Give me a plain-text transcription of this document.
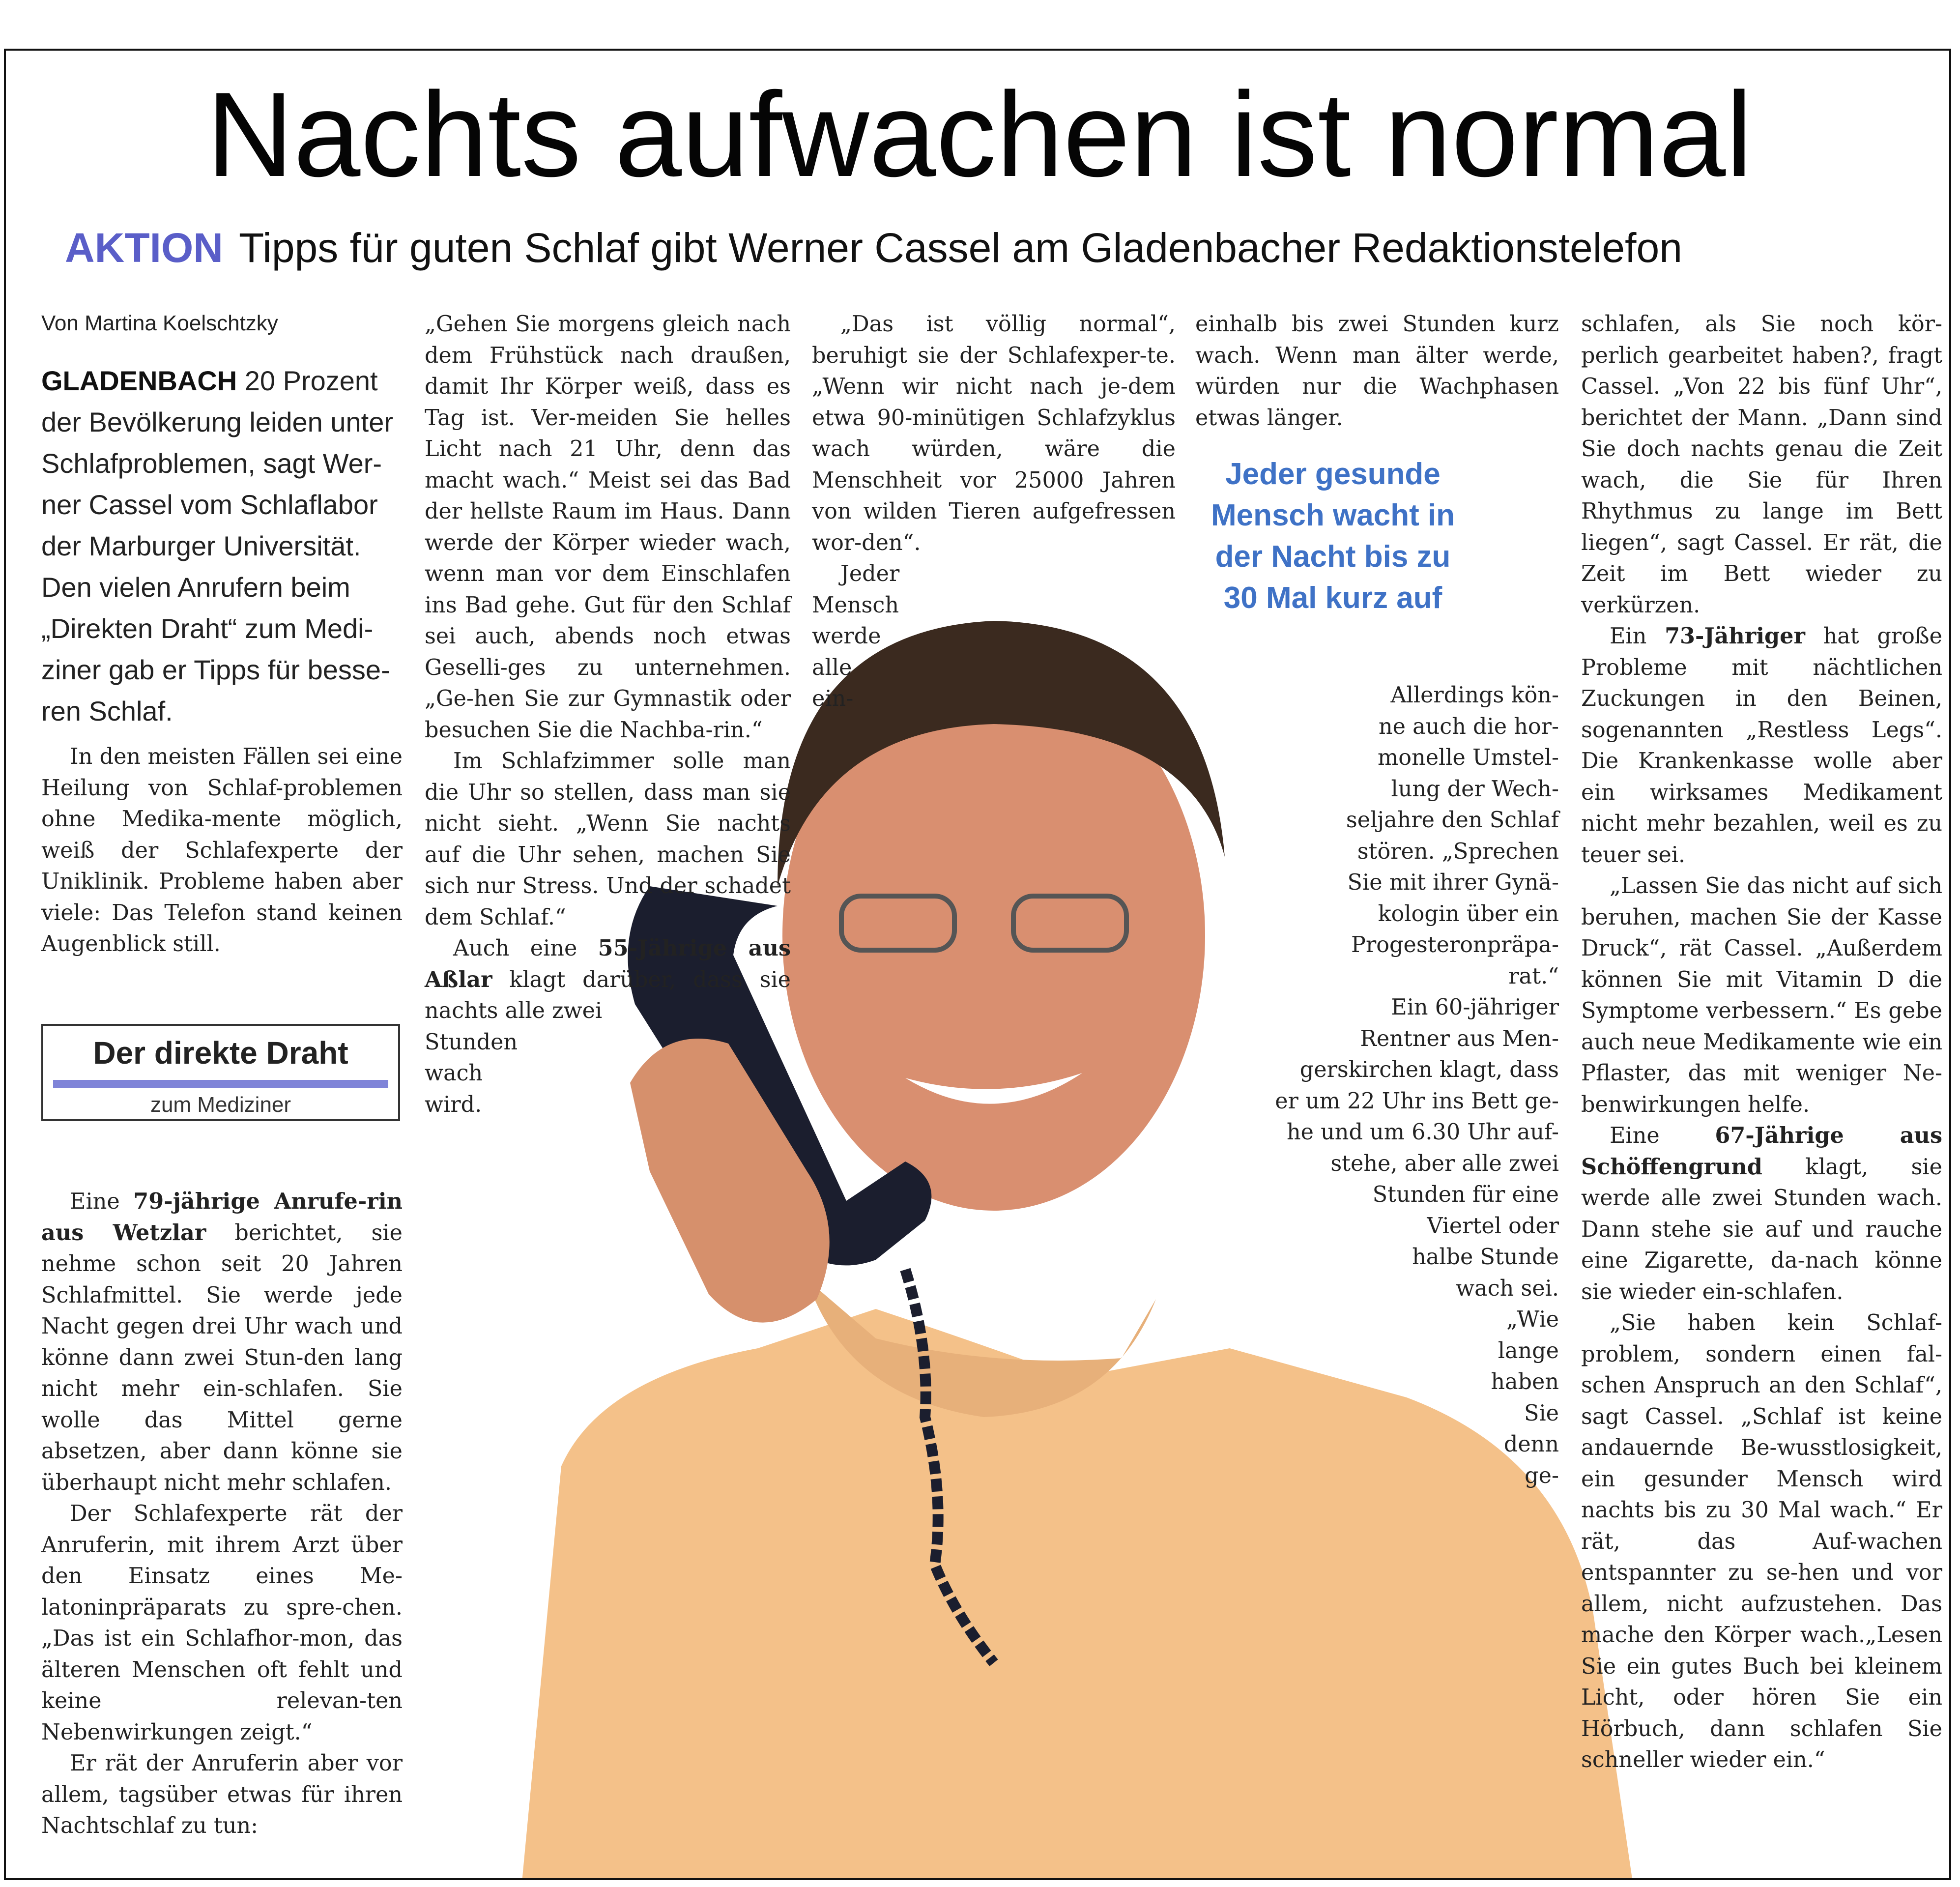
Nachts aufwachen ist normal
AKTION Tipps für guten Schlaf gibt Werner Cassel am Gladenbacher Redaktionstelefon
Von Martina Koelschtzky
GLADENBACH 20 Prozent der Bevölkerung leiden unter Schlafproblemen, sagt Wer-ner Cassel vom Schlaflabor der Marburger Universität. Den vielen Anrufern beim „Direkten Draht“ zum Medi-ziner gab er Tipps für besse-ren Schlaf.

In den meisten Fällen sei eine Heilung von Schlaf-problemen ohne Medika-mente möglich, weiß der Schlafexperte der Uniklinik. Probleme haben aber viele: Das Telefon stand keinen Augenblick still.

Der direkte Draht
zum Mediziner

Eine 79-jährige Anrufe-rin aus Wetzlar berichtet, sie nehme schon seit 20 Jahren Schlafmittel. Sie werde jede Nacht gegen drei Uhr wach und könne dann zwei Stun-den lang nicht mehr ein-schlafen. Sie wolle das Mittel gerne absetzen, aber dann könne sie überhaupt nicht mehr schlafen.

Der Schlafexperte rät der Anruferin, mit ihrem Arzt über den Einsatz eines Me-latoninpräparats zu spre-chen. „Das ist ein Schlafhor-mon, das älteren Menschen oft fehlt und keine relevan-ten Nebenwirkungen zeigt.“

Er rät der Anruferin aber vor allem, tagsüber etwas für ihren Nachtschlaf zu tun:

„Gehen Sie morgens gleich nach dem Frühstück nach draußen, damit Ihr Körper weiß, dass es Tag ist. Ver-meiden Sie helles Licht nach 21 Uhr, denn das macht wach.“ Meist sei das Bad der hellste Raum im Haus. Dann werde der Körper wieder wach, wenn man vor dem Einschlafen ins Bad gehe. Gut für den Schlaf sei auch, abends noch etwas Geselli-ges zu unternehmen. „Ge-hen Sie zur Gymnastik oder besuchen Sie die Nachba-rin.“

Im Schlafzimmer solle man die Uhr so stellen, dass man sie nicht sieht. „Wenn Sie nachts auf die Uhr sehen, machen Sie sich nur Stress. Und der schadet dem Schlaf.“

Auch eine 55-Jährige aus Aßlar klagt darüber, dass sie nachts alle zwei

Stunden
wach
wird.

„Das ist völlig normal“, beruhigt sie der Schlafexper-te. „Wenn wir nicht nach je-dem etwa 90-minütigen Schlafzyklus wach würden, wäre die Menschheit vor 25000 Jahren von wilden Tieren aufgefressen wor-den“.

Jeder
Mensch
werde
alle
ein-

einhalb bis zwei Stunden kurz wach. Wenn man älter werde, würden nur die Wachphasen etwas länger.

Jeder gesunde Mensch wacht in der Nacht bis zu 30 Mal kurz auf
Allerdings kön-
ne auch die hor-
monelle Umstel-
lung der Wech-
seljahre den Schlaf
stören. „Sprechen
Sie mit ihrer Gynä-
kologin über ein
Progesteronpräpa-
rat.“
Ein 60-jähriger
Rentner aus Men-
gerskirchen klagt, dass
er um 22 Uhr ins Bett ge-
he und um 6.30 Uhr auf-
stehe, aber alle zwei
Stunden für eine
Viertel oder
halbe Stunde
wach sei.
„Wie
lange
haben
Sie
denn
ge-

schlafen, als Sie noch kör-perlich gearbeitet haben?, fragt Cassel. „Von 22 bis fünf Uhr“, berichtet der Mann. „Dann sind Sie doch nachts genau die Zeit wach, die Sie für Ihren Rhythmus zu lange im Bett liegen“, sagt Cassel. Er rät, die Zeit im Bett wieder zu verkürzen.

Ein 73-Jähriger hat große Probleme mit nächtlichen Zuckungen in den Beinen, sogenannten „Restless Legs“. Die Krankenkasse wolle aber ein wirksames Medikament nicht mehr bezahlen, weil es zu teuer sei.

„Lassen Sie das nicht auf sich beruhen, machen Sie der Kasse Druck“, rät Cassel. „Außerdem können Sie mit Vitamin D die Symptome verbessern.“ Es gebe auch neue Medikamente wie ein Pflaster, das mit weniger Ne-benwirkungen helfe.

Eine 67-Jährige aus Schöffengrund klagt, sie werde alle zwei Stunden wach. Dann stehe sie auf und rauche eine Zigarette, da-nach könne sie wieder ein-schlafen.

„Sie haben kein Schlaf-problem, sondern einen fal-schen Anspruch an den Schlaf“, sagt Cassel. „Schlaf ist keine andauernde Be-wusstlosigkeit, ein gesunder Mensch wird nachts bis zu 30 Mal wach.“ Er rät, das Auf-wachen entspannter zu se-hen und vor allem, nicht aufzustehen. Das mache den Körper wach.„Lesen Sie ein gutes Buch bei kleinem Licht, oder hören Sie ein Hörbuch, dann schlafen Sie schneller wieder ein.“
